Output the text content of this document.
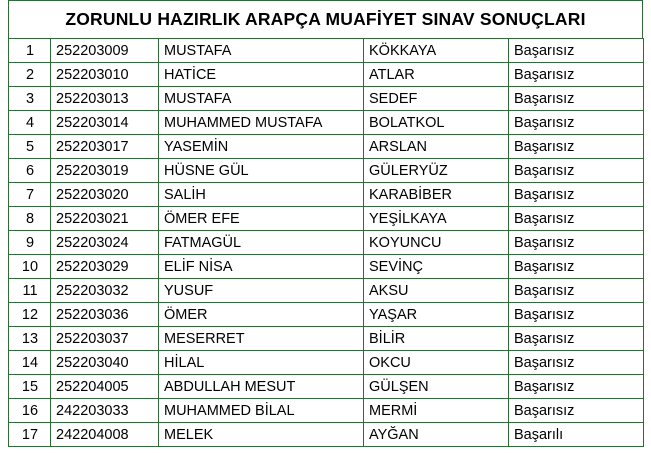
ZORUNLU HAZIRLIK ARAPÇA MUAFİYET SINAV SONUÇLARI
1	252203009	MUSTAFA	KÖKKAYA	Başarısız
2	252203010	HATİCE	ATLAR	Başarısız
3	252203013	MUSTAFA	SEDEF	Başarısız
4	252203014	MUHAMMED MUSTAFA	BOLATKOL	Başarısız
5	252203017	YASEMİN	ARSLAN	Başarısız
6	252203019	HÜSNE GÜL	GÜLERYÜZ	Başarısız
7	252203020	SALİH	KARABİBER	Başarısız
8	252203021	ÖMER EFE	YEŞİLKAYA	Başarısız
9	252203024	FATMAGÜL	KOYUNCU	Başarısız
10	252203029	ELİF NİSA	SEVİNÇ	Başarısız
11	252203032	YUSUF	AKSU	Başarısız
12	252203036	ÖMER	YAŞAR	Başarısız
13	252203037	MESERRET	BİLİR	Başarısız
14	252203040	HİLAL	OKCU	Başarısız
15	252204005	ABDULLAH MESUT	GÜLŞEN	Başarısız
16	242203033	MUHAMMED BİLAL	MERMİ	Başarısız
17	242204008	MELEK	AYĞAN	Başarılı
